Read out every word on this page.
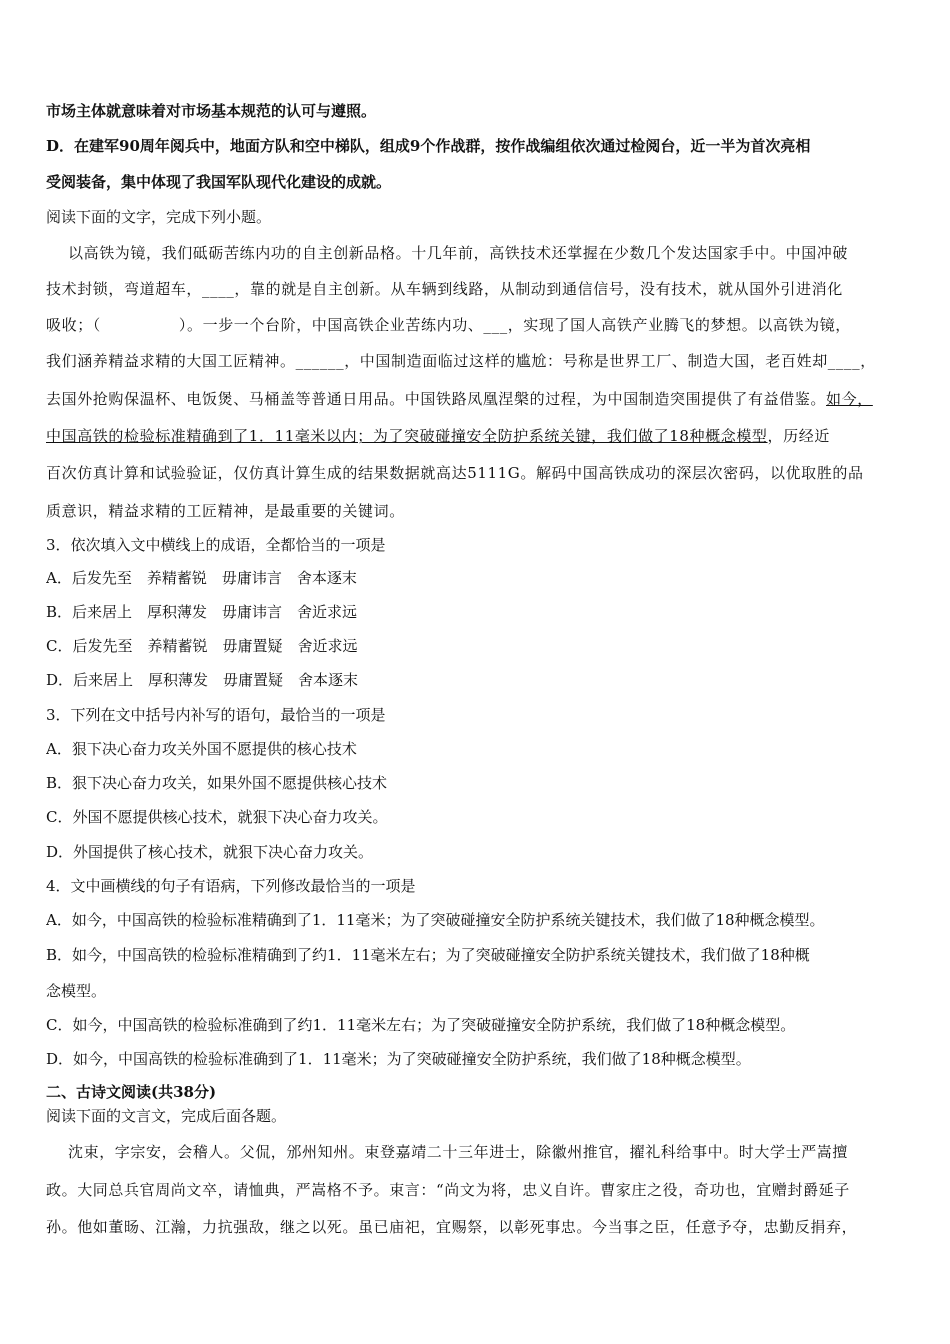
市场主体就意味着对市场基本规范的认可与遵照。
D．在建军90周年阅兵中，地面方队和空中梯队，组成9个作战群，按作战编组依次通过检阅台，近一半为首次亮相
受阅装备，集中体现了我国军队现代化建设的成就。
阅读下面的文字，完成下列小题。
以高铁为镜，我们砥砺苦练内功的自主创新品格。十几年前，高铁技术还掌握在少数几个发达国家手中。中国冲破
技术封锁，弯道超车，____，靠的就是自主创新。从车辆到线路，从制动到通信信号，没有技术，就从国外引进消化
吸收；（　　　　　）。一步一个台阶，中国高铁企业苦练内功、___，实现了国人高铁产业腾飞的梦想。以高铁为镜，
我们涵养精益求精的大国工匠精神。______，中国制造面临过这样的尴尬：号称是世界工厂、制造大国，老百姓却____，
去国外抢购保温杯、电饭煲、马桶盖等普通日用品。中国铁路凤凰涅槃的过程，为中国制造突围提供了有益借鉴。如今，
中国高铁的检验标准精确到了1．11毫米以内；为了突破碰撞安全防护系统关键，我们做了18种概念模型，历经近
百次仿真计算和试验验证，仅仿真计算生成的结果数据就高达5111G。解码中国高铁成功的深层次密码，以优取胜的品
质意识，精益求精的工匠精神，是最重要的关键词。
3．依次填入文中横线上的成语，全都恰当的一项是
A．后发先至　养精蓄锐　毋庸讳言　舍本逐末
B．后来居上　厚积薄发　毋庸讳言　舍近求远
C．后发先至　养精蓄锐　毋庸置疑　舍近求远
D．后来居上　厚积薄发　毋庸置疑　舍本逐末
3．下列在文中括号内补写的语句，最恰当的一项是
A．狠下决心奋力攻关外国不愿提供的核心技术
B．狠下决心奋力攻关，如果外国不愿提供核心技术
C．外国不愿提供核心技术，就狠下决心奋力攻关。
D．外国提供了核心技术，就狠下决心奋力攻关。
4．文中画横线的句子有语病，下列修改最恰当的一项是
A．如今，中国高铁的检验标准精确到了1．11毫米；为了突破碰撞安全防护系统关键技术，我们做了18种概念模型。
B．如今，中国高铁的检验标准精确到了约1．11毫米左右；为了突破碰撞安全防护系统关键技术，我们做了18种概
念模型。
C．如今，中国高铁的检验标准确到了约1．11毫米左右；为了突破碰撞安全防护系统，我们做了18种概念模型。
D．如今，中国高铁的检验标准确到了1．11毫米；为了突破碰撞安全防护系统，我们做了18种概念模型。
二、古诗文阅读(共38分)
阅读下面的文言文，完成后面各题。
沈束，字宗安，会稽人。父侃，邠州知州。束登嘉靖二十三年进士，除徽州推官，擢礼科给事中。时大学士严嵩擅
政。大同总兵官周尚文卒，请恤典，严嵩格不予。束言：“尚文为将，忠义自许。曹家庄之役，奇功也，宜赠封爵延子
孙。他如董旸、江瀚，力抗强敌，继之以死。虽已庙祀，宜赐祭，以彰死事忠。今当事之臣，任意予夺，忠勤反捐弃，
